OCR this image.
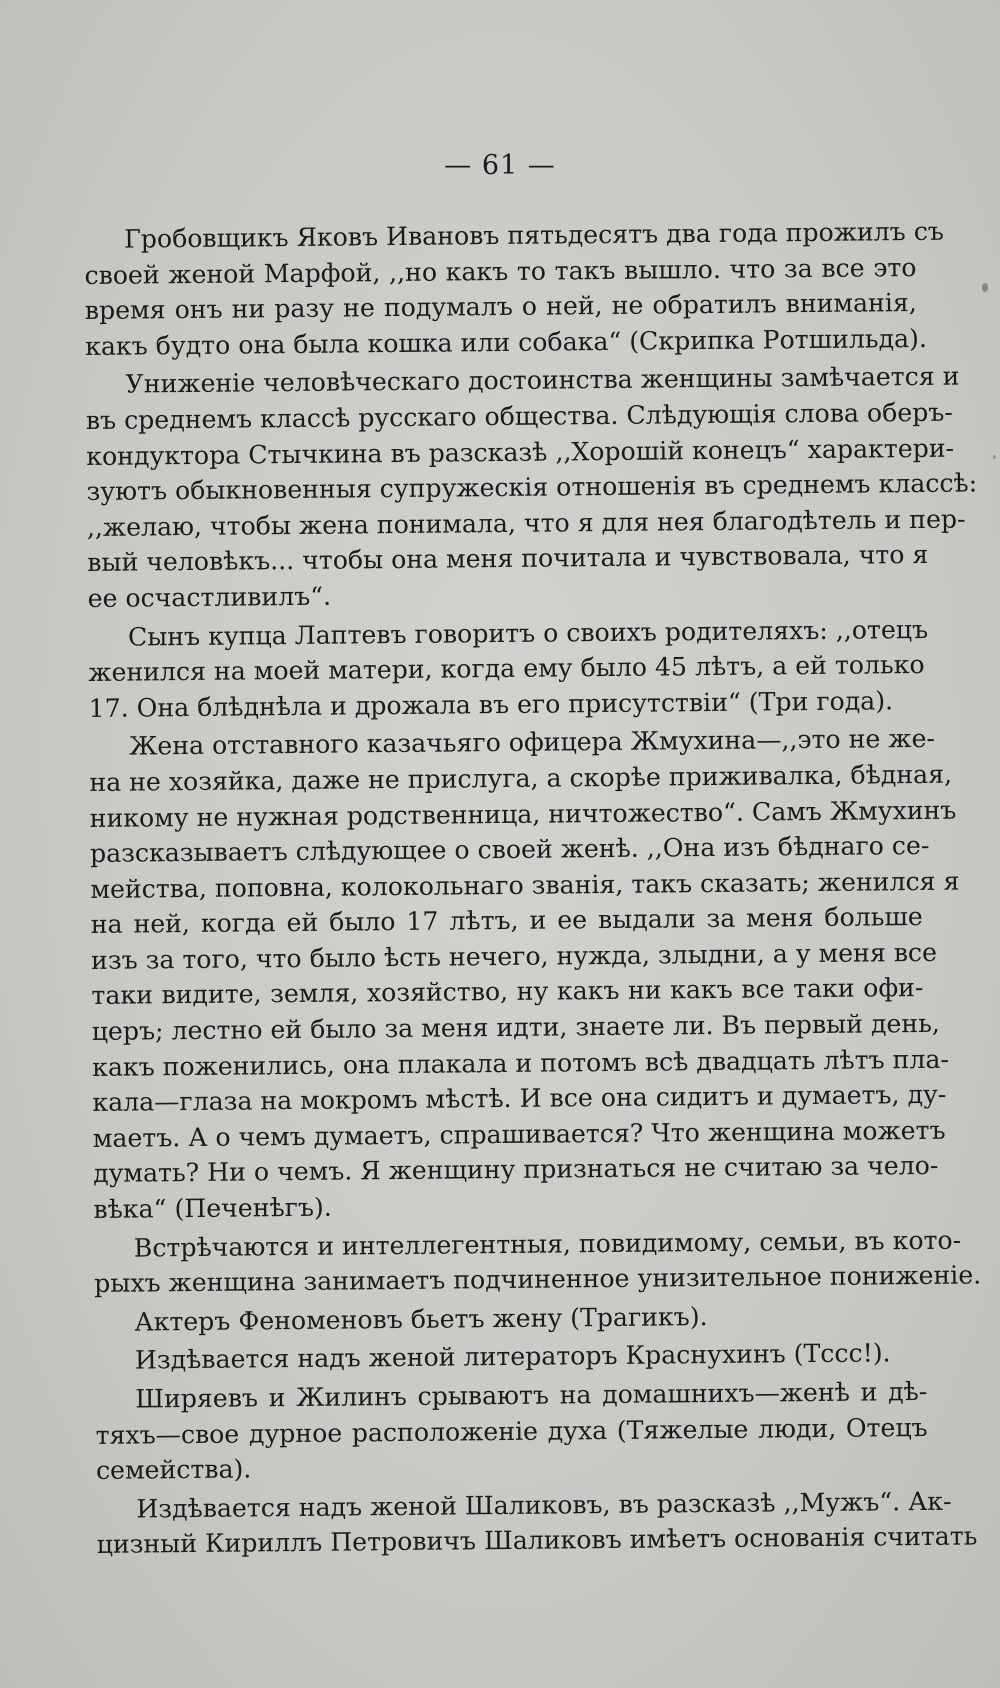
— 61 —

Гробовщикъ Яковъ Ивановъ пятьдесятъ два года прожилъ съ

своей женой Марфой, ,,но какъ то такъ вышло. что за все это

время онъ ни разу не подумалъ о ней, не обратилъ вниманія,

какъ будто она была кошка или собака“ (Скрипка Ротшильда).

Униженіе человѣческаго достоинства женщины замѣчается и

въ среднемъ классѣ русскаго общества. Слѣдующія слова оберъ-

кондуктора Стычкина въ разсказѣ ,,Хорошій конецъ“ характери-

зуютъ обыкновенныя супружескія отношенія въ среднемъ классѣ:

,,желаю, чтобы жена понимала, что я для нея благодѣтель и пер-

вый человѣкъ... чтобы она меня почитала и чувствовала, что я

ее осчастливилъ“.

Сынъ купца Лаптевъ говоритъ о своихъ родителяхъ: ,,отецъ

женился на моей матери, когда ему было 45 лѣтъ, а ей только

17. Она блѣднѣла и дрожала въ его присутствіи“ (Три года).

Жена отставного казачьяго офицера Жмухина—,,это не же-

на не хозяйка, даже не прислуга, а скорѣе приживалка, бѣдная,

никому не нужная родственница, ничтожество“. Самъ Жмухинъ

разсказываетъ слѣдующее о своей женѣ. ,,Она изъ бѣднаго се-

мейства, поповна, колокольнаго званія, такъ сказать; женился я

на ней, когда ей было 17 лѣтъ, и ее выдали за меня больше

изъ за того, что было ѣсть нечего, нужда, злыдни, а у меня все

таки видите, земля, хозяйство, ну какъ ни какъ все таки офи-

церъ; лестно ей было за меня идти, знаете ли. Въ первый день,

какъ поженились, она плакала и потомъ всѣ двадцать лѣтъ пла-

кала—глаза на мокромъ мѣстѣ. И все она сидитъ и думаетъ, ду-

маетъ. А о чемъ думаетъ, спрашивается? Что женщина можетъ

думать? Ни о чемъ. Я женщину признаться не считаю за чело-

вѣка“ (Печенѣгъ).

Встрѣчаются и интеллегентныя, повидимому, семьи, въ кото-

рыхъ женщина занимаетъ подчиненное унизительное пониженіе.

Актеръ Феноменовъ бьетъ жену (Трагикъ).

Издѣвается надъ женой литераторъ Краснухинъ (Тссс!).

Ширяевъ и Жилинъ срываютъ на домашнихъ—женѣ и дѣ-

тяхъ—свое дурное расположеніе духа (Тяжелые люди, Отецъ

семейства).

Издѣвается надъ женой Шаликовъ, въ разсказѣ ,,Мужъ“. Ак-

цизный Кириллъ Петровичъ Шаликовъ имѣетъ основанія считать
